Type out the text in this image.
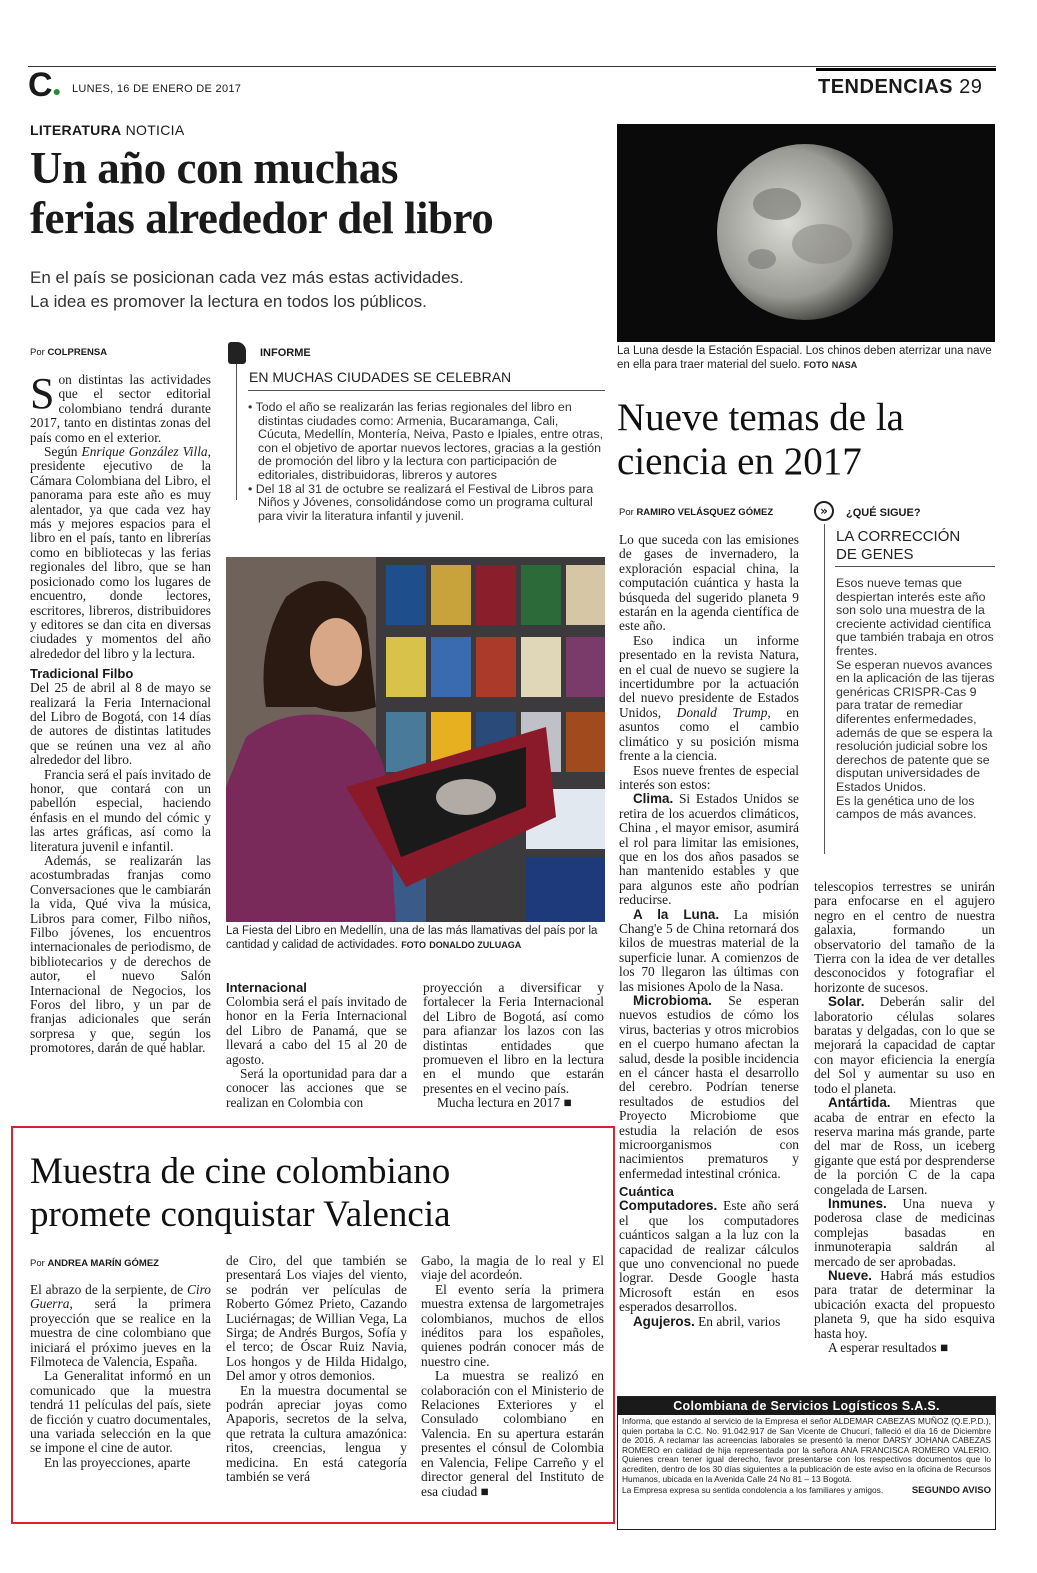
C● LUNES, 16 DE ENERO DE 2017	TENDENCIAS 29
LITERATURA NOTICIA
Un año con muchas
ferias alrededor del libro
En el país se posicionan cada vez más estas actividades.
La idea es promover la lectura en todos los públicos.
Por COLPRENSA

Son distintas las actividades que el sector editorial colombiano tendrá durante 2017, tanto en distintas zonas del país como en el exterior.

Según Enrique González Villa, presidente ejecutivo de la Cámara Colombiana del Libro, el panorama para este año es muy alentador, ya que cada vez hay más y mejores espacios para el libro en el país, tanto en librerías como en bibliotecas y las ferias regionales del libro, que se han posicionado como los lugares de encuentro, donde lectores, escritores, libreros, distribuidores y editores se dan cita en diversas ciudades y momentos del año alrededor del libro y la lectura.

Tradicional Filbo

Del 25 de abril al 8 de mayo se realizará la Feria Internacional del Libro de Bogotá, con 14 días de autores de distintas latitudes que se reúnen una vez al año alrededor del libro.

Francia será el país invitado de honor, que contará con un pabellón especial, haciendo énfasis en el mundo del cómic y las artes gráficas, así como la literatura juvenil e infantil.

Además, se realizarán las acostumbradas franjas como Conversaciones que le cambiarán la vida, Qué viva la música, Libros para comer, Filbo niños, Filbo jóvenes, los encuentros internacionales de periodismo, de bibliotecarios y de derechos de autor, el nuevo Salón Internacional de Negocios, los Foros del libro, y un par de franjas adicionales que serán sorpresa y que, según los promotores, darán de qué hablar.

INFORME
EN MUCHAS CIUDADES SE CELEBRAN
• Todo el año se realizarán las ferias regionales del libro en distintas ciudades como: Armenia, Bucaramanga, Cali, Cúcuta, Medellín, Montería, Neiva, Pasto e Ipiales, entre otras, con el objetivo de aportar nuevos lectores, gracias a la gestión de promoción del libro y la lectura con participación de editoriales, distribuidoras, libreros y autores
• Del 18 al 31 de octubre se realizará el Festival de Libros para Niños y Jóvenes, consolidándose como un programa cultural para vivir la literatura infantil y juvenil.
La Fiesta del Libro en Medellín, una de las más llamativas del país por la cantidad y calidad de actividades. FOTO DONALDO ZULUAGA
Internacional

Colombia será el país invitado de honor en la Feria Internacional del Libro de Panamá, que se llevará a cabo del 15 al 20 de agosto.

Será la oportunidad para dar a conocer las acciones que se realizan en Colombia con

proyección a diversificar y fortalecer la Feria Internacional del Libro de Bogotá, así como para afianzar los lazos con las distintas entidades que promueven el libro en la lectura en el mundo que estarán presentes en el vecino país.

Mucha lectura en 2017 ■

La Luna desde la Estación Espacial. Los chinos deben aterrizar una nave en ella para traer material del suelo. FOTO NASA
Nueve temas de la
ciencia en 2017
Por RAMIRO VELÁSQUEZ GÓMEZ

Lo que suceda con las emisiones de gases de invernadero, la exploración espacial china, la computación cuántica y hasta la búsqueda del sugerido planeta 9 estarán en la agenda científica de este año.

Eso indica un informe presentado en la revista Natura, en el cual de nuevo se sugiere la incertidumbre por la actuación del nuevo presidente de Estados Unidos, Donald Trump, en asuntos como el cambio climático y su posición misma frente a la ciencia.

Esos nueve frentes de especial interés son estos:

Clima. Si Estados Unidos se retira de los acuerdos climáticos, China , el mayor emisor, asumirá el rol para limitar las emisiones, que en los dos años pasados se han mantenido estables y que para algunos este año podrían reducirse.

A la Luna. La misión Chang'e 5 de China retornará dos kilos de muestras material de la superficie lunar. A comienzos de los 70 llegaron las últimas con las misiones Apolo de la Nasa.

Microbioma. Se esperan nuevos estudios de cómo los virus, bacterias y otros microbios en el cuerpo humano afectan la salud, desde la posible incidencia en el cáncer hasta el desarrollo del cerebro. Podrían tenerse resultados de estudios del Proyecto Microbiome que estudia la relación de esos microorganismos con nacimientos prematuros y enfermedad intestinal crónica.

Cuántica

Computadores. Este año será el que los computadores cuánticos salgan a la luz con la capacidad de realizar cálculos que uno convencional no puede lograr. Desde Google hasta Microsoft están en esos esperados desarrollos.

Agujeros. En abril, varios

»	¿QUÉ SIGUE?
LA CORRECCIÓN
DE GENES

Esos nueve temas que despiertan interés este año son solo una muestra de la creciente actividad científica que también trabaja en otros frentes.

Se esperan nuevos avances en la aplicación de las tijeras genéricas CRISPR-Cas 9 para tratar de remediar diferentes enfermedades, además de que se espera la resolución judicial sobre los derechos de patente que se disputan universidades de Estados Unidos.

Es la genética uno de los campos de más avances.

telescopios terrestres se unirán para enfocarse en el agujero negro en el centro de nuestra galaxia, formando un observatorio del tamaño de la Tierra con la idea de ver detalles desconocidos y fotografiar el horizonte de sucesos.

Solar. Deberán salir del laboratorio células solares baratas y delgadas, con lo que se mejorará la capacidad de captar con mayor eficiencia la energía del Sol y aumentar su uso en todo el planeta.

Antártida. Mientras que acaba de entrar en efecto la reserva marina más grande, parte del mar de Ross, un iceberg gigante que está por desprenderse de la porción C de la capa congelada de Larsen.

Inmunes. Una nueva y poderosa clase de medicinas complejas basadas en inmunoterapia saldrán al mercado de ser aprobadas.

Nueve. Habrá más estudios para tratar de determinar la ubicación exacta del propuesto planeta 9, que ha sido esquiva hasta hoy.

A esperar resultados ■

Muestra de cine colombiano
promete conquistar Valencia
Por ANDREA MARÍN GÓMEZ

El abrazo de la serpiente, de Ciro Guerra, será la primera proyección que se realice en la muestra de cine colombiano que iniciará el próximo jueves en la Filmoteca de Valencia, España.

La Generalitat informó en un comunicado que la muestra tendrá 11 películas del país, siete de ficción y cuatro documentales, una variada selección en la que se impone el cine de autor.

En las proyecciones, aparte

de Ciro, del que también se presentará Los viajes del viento, se podrán ver películas de Roberto Gómez Prieto, Cazando Luciérnagas; de Willian Vega, La Sirga; de Andrés Burgos, Sofía y el terco; de Óscar Ruiz Navia, Los hongos y de Hilda Hidalgo, Del amor y otros demonios.

En la muestra documental se podrán apreciar joyas como Apaporis, secretos de la selva, que retrata la cultura amazónica: ritos, creencias, lengua y medicina. En está categoría también se verá

Gabo, la magia de lo real y El viaje del acordeón.

El evento sería la primera muestra extensa de largometrajes colombianos, muchos de ellos inéditos para los españoles, quienes podrán conocer más de nuestro cine.

La muestra se realizó en colaboración con el Ministerio de Relaciones Exteriores y el Consulado colombiano en Valencia. En su apertura estarán presentes el cónsul de Colombia en Valencia, Felipe Carreño y el director general del Instituto de esa ciudad ■

Colombiana de Servicios Logísticos S.A.S.
Informa, que estando al servicio de la Empresa el señor ALDEMAR CABEZAS MUÑOZ (Q.E.P.D.), quien portaba la C.C. No. 91.042.917 de San Vicente de Chucurí, falleció el día 16 de Diciembre de 2016. A reclamar las acreencias laborales se presentó la menor DARSY JOHANA CABEZAS ROMERO en calidad de hija representada por la señora ANA FRANCISCA ROMERO VALERIO. Quienes crean tener igual derecho, favor presentarse con los respectivos documentos que lo acrediten, dentro de los 30 días siguientes a la publicación de este aviso en la oficina de Recursos Humanos, ubicada en la Avenida Calle 24 No 81 – 13 Bogotá.
La Empresa expresa su sentida condolencia a los familiares y amigos.	SEGUNDO AVISO
